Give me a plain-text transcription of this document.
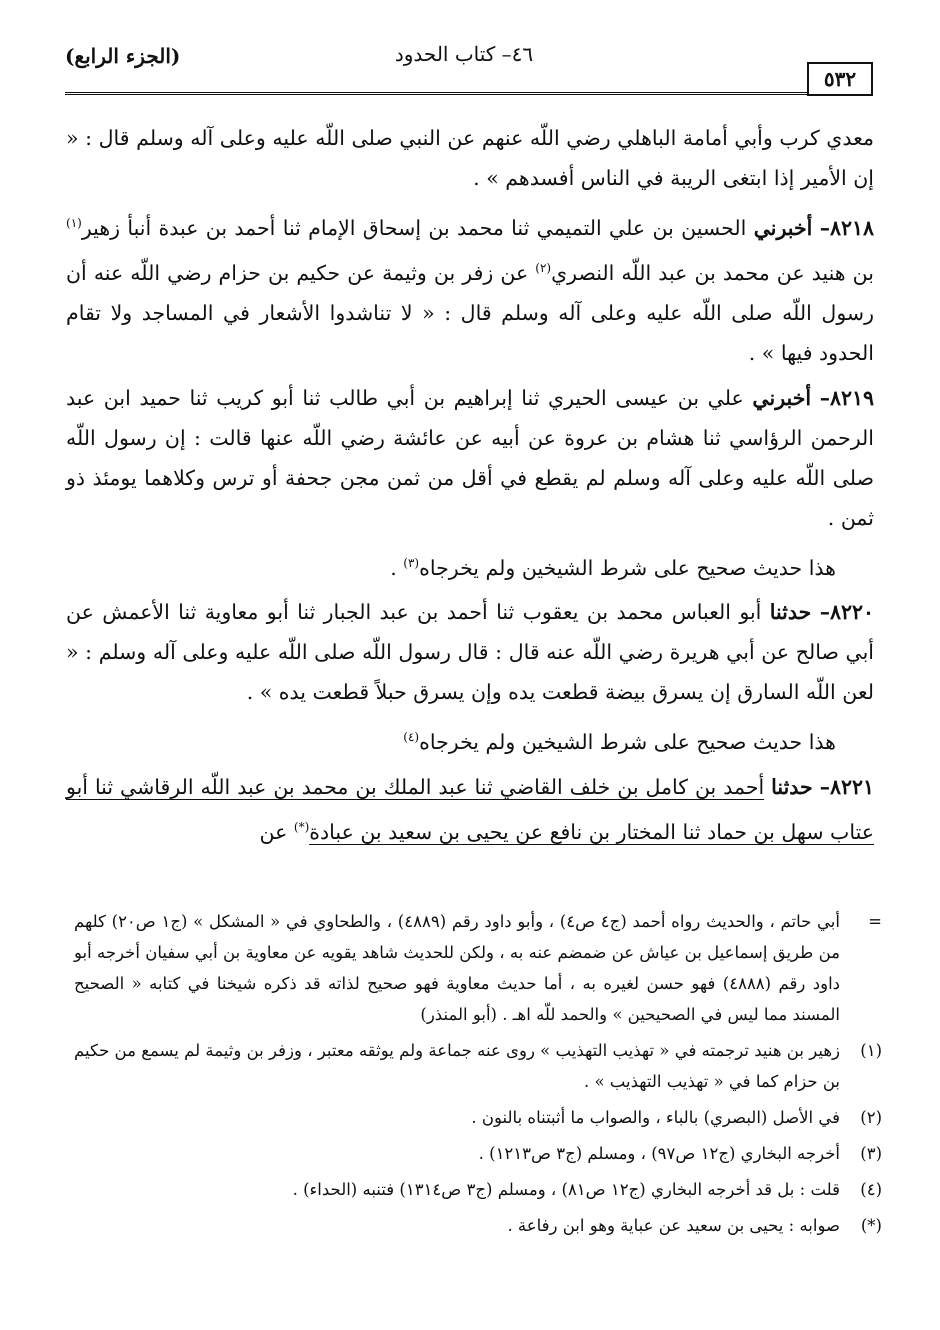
(الجزء الرابع)	٤٦– كتاب الحدود
٥٣٢

معدي كرب وأبي أمامة الباهلي رضي اللّه عنهم عن النبي صلى اللّه عليه وعلى آله وسلم قال : « إن الأمير إذا ابتغى الريبة في الناس أفسدهم » .

٨٢١٨– أخبرني الحسين بن علي التميمي ثنا محمد بن إسحاق الإمام ثنا أحمد بن عبدة أنبأ زهير$^{(١)}$ بن هنيد عن محمد بن عبد اللّه النصري$^{(٢)}$ عن زفر بن وثيمة عن حكيم بن حزام رضي اللّه عنه أن رسول اللّه صلى اللّه عليه وعلى آله وسلم قال : « لا تناشدوا الأشعار في المساجد ولا تقام الحدود فيها » .

٨٢١٩– أخبرني علي بن عيسى الحيري ثنا إبراهيم بن أبي طالب ثنا أبو كريب ثنا حميد ابن عبد الرحمن الرؤاسي ثنا هشام بن عروة عن أبيه عن عائشة رضي اللّه عنها قالت : إن رسول اللّه صلى اللّه عليه وعلى آله وسلم لم يقطع في أقل من ثمن مجن جحفة أو ترس وكلاهما يومئذ ذو ثمن .

هذا حديث صحيح على شرط الشيخين ولم يخرجاه$^{(٣)}$ .

٨٢٢٠– حدثنا أبو العباس محمد بن يعقوب ثنا أحمد بن عبد الجبار ثنا أبو معاوية ثنا الأعمش عن أبي صالح عن أبي هريرة رضي اللّه عنه قال : قال رسول اللّه صلى اللّه عليه وعلى آله وسلم : « لعن اللّه السارق إن يسرق بيضة قطعت يده وإن يسرق حبلاً قطعت يده » .

هذا حديث صحيح على شرط الشيخين ولم يخرجاه$^{(٤)}$

٨٢٢١– حدثنا أحمد بن كامل بن خلف القاضي ثنا عبد الملك بن محمد بن عبد اللّه الرقاشي ثنا أبو عتاب سهل بن حماد ثنا المختار بن نافع عن يحيى بن سعيد بن عبادة(*) عن

=
أبي حاتم ، والحديث رواه أحمد (ج٤ ص٤) ، وأبو داود رقم (٤٨٨٩) ، والطحاوي في « المشكل » (ج١ ص٢٠) كلهم من طريق إسماعيل بن عياش عن ضمضم عنه به ، ولكن للحديث شاهد يقويه عن معاوية بن أبي سفيان أخرجه أبو داود رقم (٤٨٨٨) فهو حسن لغيره به ، أما حديث معاوية فهو صحيح لذاته قد ذكره شيخنا في كتابه « الصحيح المسند مما ليس في الصحيحين » والحمد للّه اهـ . (أبو المنذر)

(١)
زهير بن هنيد ترجمته في « تهذيب التهذيب » روى عنه جماعة ولم يوثقه معتبر ، وزفر بن وثيمة لم يسمع من حكيم بن حزام كما في « تهذيب التهذيب » .

(٢)
في الأصل (البصري) بالباء ، والصواب ما أثبتناه بالنون .

(٣)
أخرجه البخاري (ج١٢ ص٩٧) ، ومسلم (ج٣ ص١٢١٣) .

(٤)
قلت : بل قد أخرجه البخاري (ج١٢ ص٨١) ، ومسلم (ج٣ ص١٣١٤) فتنبه (الحداء) .

(*)
صوابه : يحيى بن سعيد عن عباية وهو ابن رفاعة .
